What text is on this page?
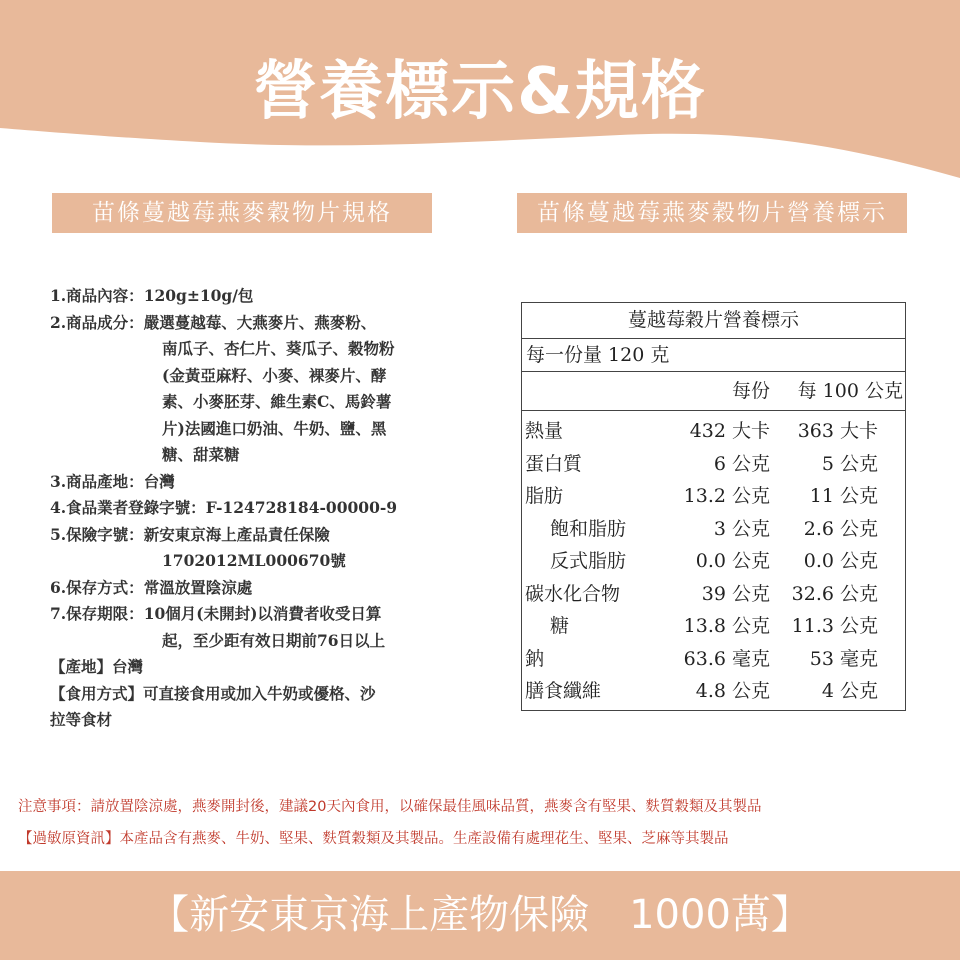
營養標示&規格
苗條蔓越莓燕麥穀物片規格	苗條蔓越莓燕麥穀物片營養標示
1.商品內容： 120g±10g/包
2.商品成分： 嚴選蔓越莓、大燕麥片、燕麥粉、
南瓜子、杏仁片、葵瓜子、穀物粉
(金黃亞麻籽、小麥、裸麥片、酵
素、小麥胚芽、維生素C、馬鈴薯
片)法國進口奶油、牛奶、鹽、黑
糖、甜菜糖
3.商品產地： 台灣
4.食品業者登錄字號： F-124728184-00000-9
5.保險字號： 新安東京海上產品責任保險
1702012ML000670號
6.保存方式： 常溫放置陰涼處
7.保存期限： 10個月(未開封)以消費者收受日算
起，至少距有效日期前76日以上
【產地】 台灣
【食用方式】 可直接食用或加入牛奶或優格、沙
拉等食材
蔓越莓穀片營養標示
每一份量 120 克
每份	每 100 公克
熱量	432 大卡	363 大卡
蛋白質	6 公克	5 公克
脂肪	13.2 公克	11 公克
飽和脂肪	3 公克	2.6 公克
反式脂肪	0.0 公克	0.0 公克
碳水化合物	39 公克	32.6 公克
糖	13.8 公克	11.3 公克
鈉	63.6 毫克	53 毫克
膳食纖維	4.8 公克	4 公克
注意事項：請放置陰涼處，燕麥開封後，建議20天內食用，以確保最佳風味品質，燕麥含有堅果、麩質穀類及其製品
【過敏原資訊】本產品含有燕麥、牛奶、堅果、麩質穀類及其製品。生產設備有處理花生、堅果、芝麻等其製品
【新安東京海上產物保險　1000萬】
